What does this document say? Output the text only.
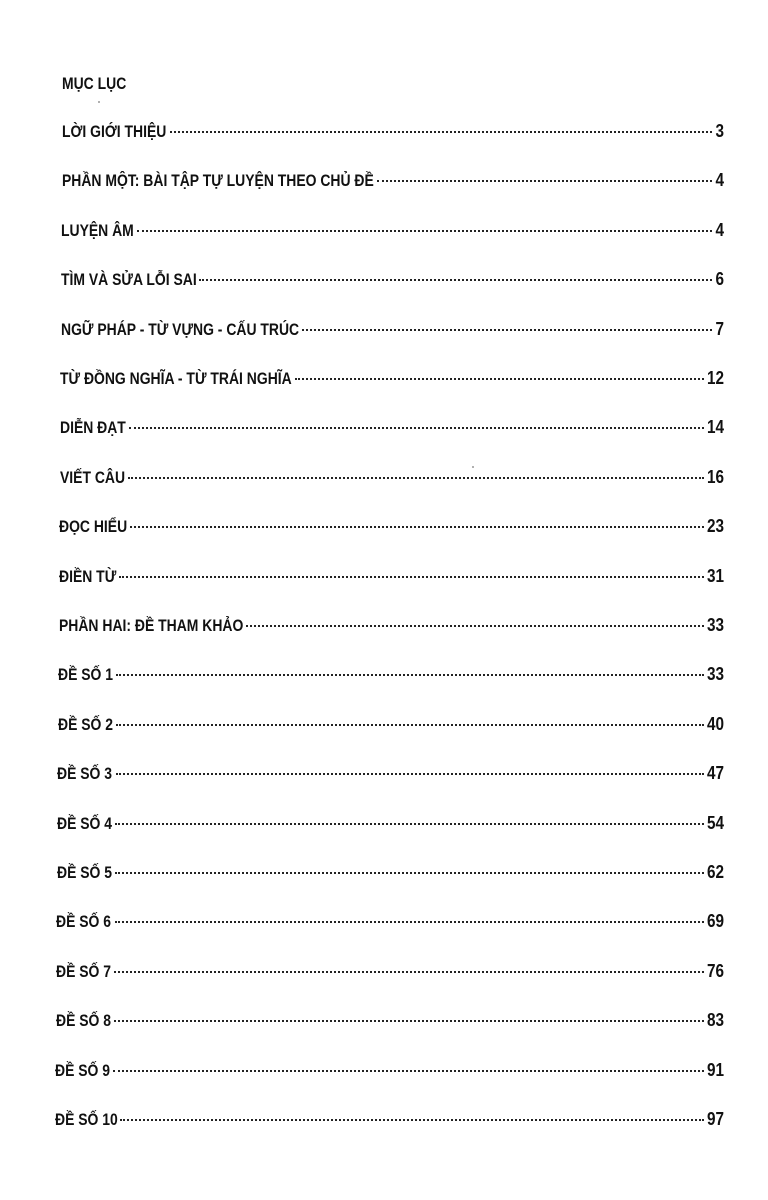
MỤC LỤC
LỜI GIỚI THIỆU	3
PHẦN MỘT: BÀI TẬP TỰ LUYỆN THEO CHỦ ĐỀ	4
LUYỆN ÂM	4
TÌM VÀ SỬA LỖI SAI	6
NGỮ PHÁP - TỪ VỰNG - CẤU TRÚC	7
TỪ ĐỒNG NGHĨA - TỪ TRÁI NGHĨA	12
DIỄN ĐẠT	14
VIẾT CÂU	16
ĐỌC HIỂU	23
ĐIỀN TỪ	31
PHẦN HAI: ĐỀ THAM KHẢO	33
ĐỀ SỐ 1	33
ĐỀ SỐ 2	40
ĐỀ SỐ 3	47
ĐỀ SỐ 4	54
ĐỀ SỐ 5	62
ĐỀ SỐ 6	69
ĐỀ SỐ 7	76
ĐỀ SỐ 8	83
ĐỀ SỐ 9	91
ĐỀ SỐ 10	97
